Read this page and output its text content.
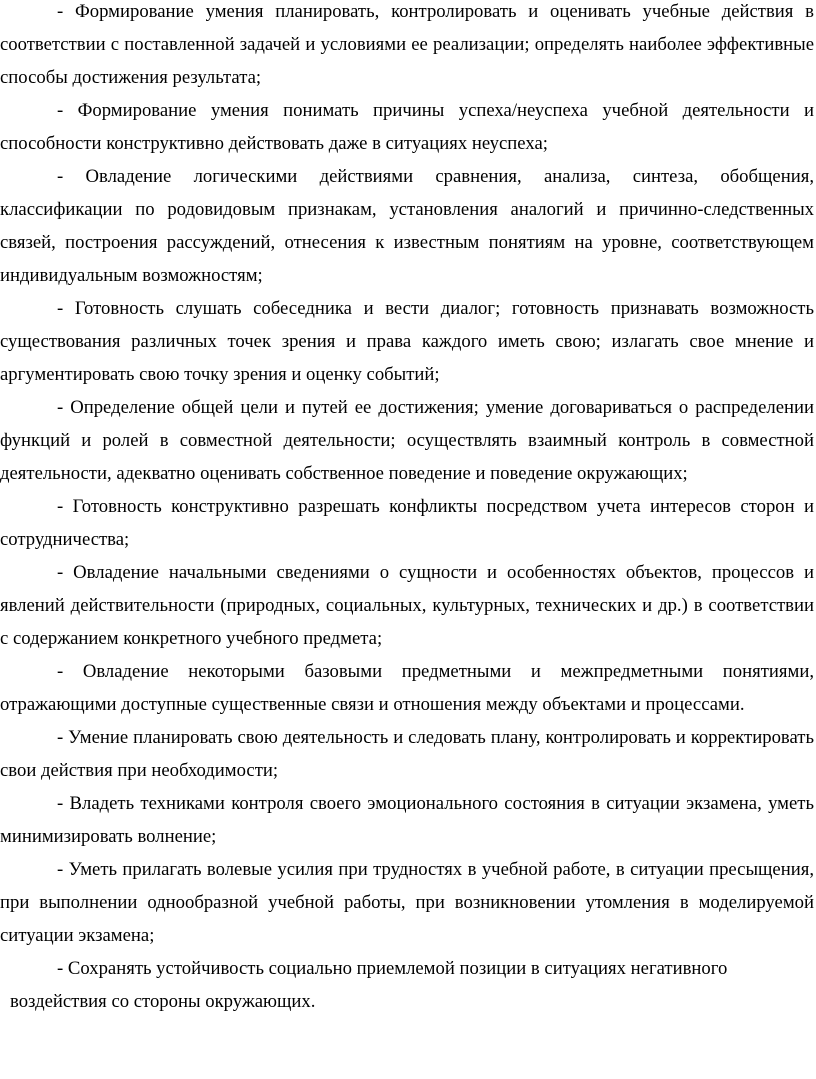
- Формирование умения планировать, контролировать и оценивать учебные действия в соответствии с поставленной задачей и условиями ее реализации; определять наиболее эффективные способы достижения результата;

- Формирование умения понимать причины успеха/неуспеха учебной деятельности и способности конструктивно действовать даже в ситуациях неуспеха;

- Овладение логическими действиями сравнения, анализа, синтеза, обобщения, классификации по родовидовым признакам, установления аналогий и причинно-следственных связей, построения рассуждений, отнесения к известным понятиям на уровне, соответствующем индивидуальным возможностям;

- Готовность слушать собеседника и вести диалог; готовность признавать возможность существования различных точек зрения и права каждого иметь свою; излагать свое мнение и аргументировать свою точку зрения и оценку событий;

- Определение общей цели и путей ее достижения; умение договариваться о распределении функций и ролей в совместной деятельности; осуществлять взаимный контроль в совместной деятельности, адекватно оценивать собственное поведение и поведение окружающих;

- Готовность конструктивно разрешать конфликты посредством учета интересов сторон и сотрудничества;

- Овладение начальными сведениями о сущности и особенностях объектов, процессов и явлений действительности (природных, социальных, культурных, технических и др.) в соответствии с содержанием конкретного учебного предмета;

- Овладение некоторыми базовыми предметными и межпредметными понятиями, отражающими доступные существенные связи и отношения между объектами и процессами.

- Умение планировать свою деятельность и следовать плану, контролировать и корректировать свои действия при необходимости;

- Владеть техниками контроля своего эмоционального состояния в ситуации экзамена, уметь минимизировать волнение;

- Уметь прилагать волевые усилия при трудностях в учебной работе, в ситуации пресыщения, при выполнении однообразной учебной работы, при возникновении утомления в моделируемой ситуации экзамена;

- Сохранять устойчивость социально приемлемой позиции в ситуациях негативного
воздействия со стороны окружающих.
